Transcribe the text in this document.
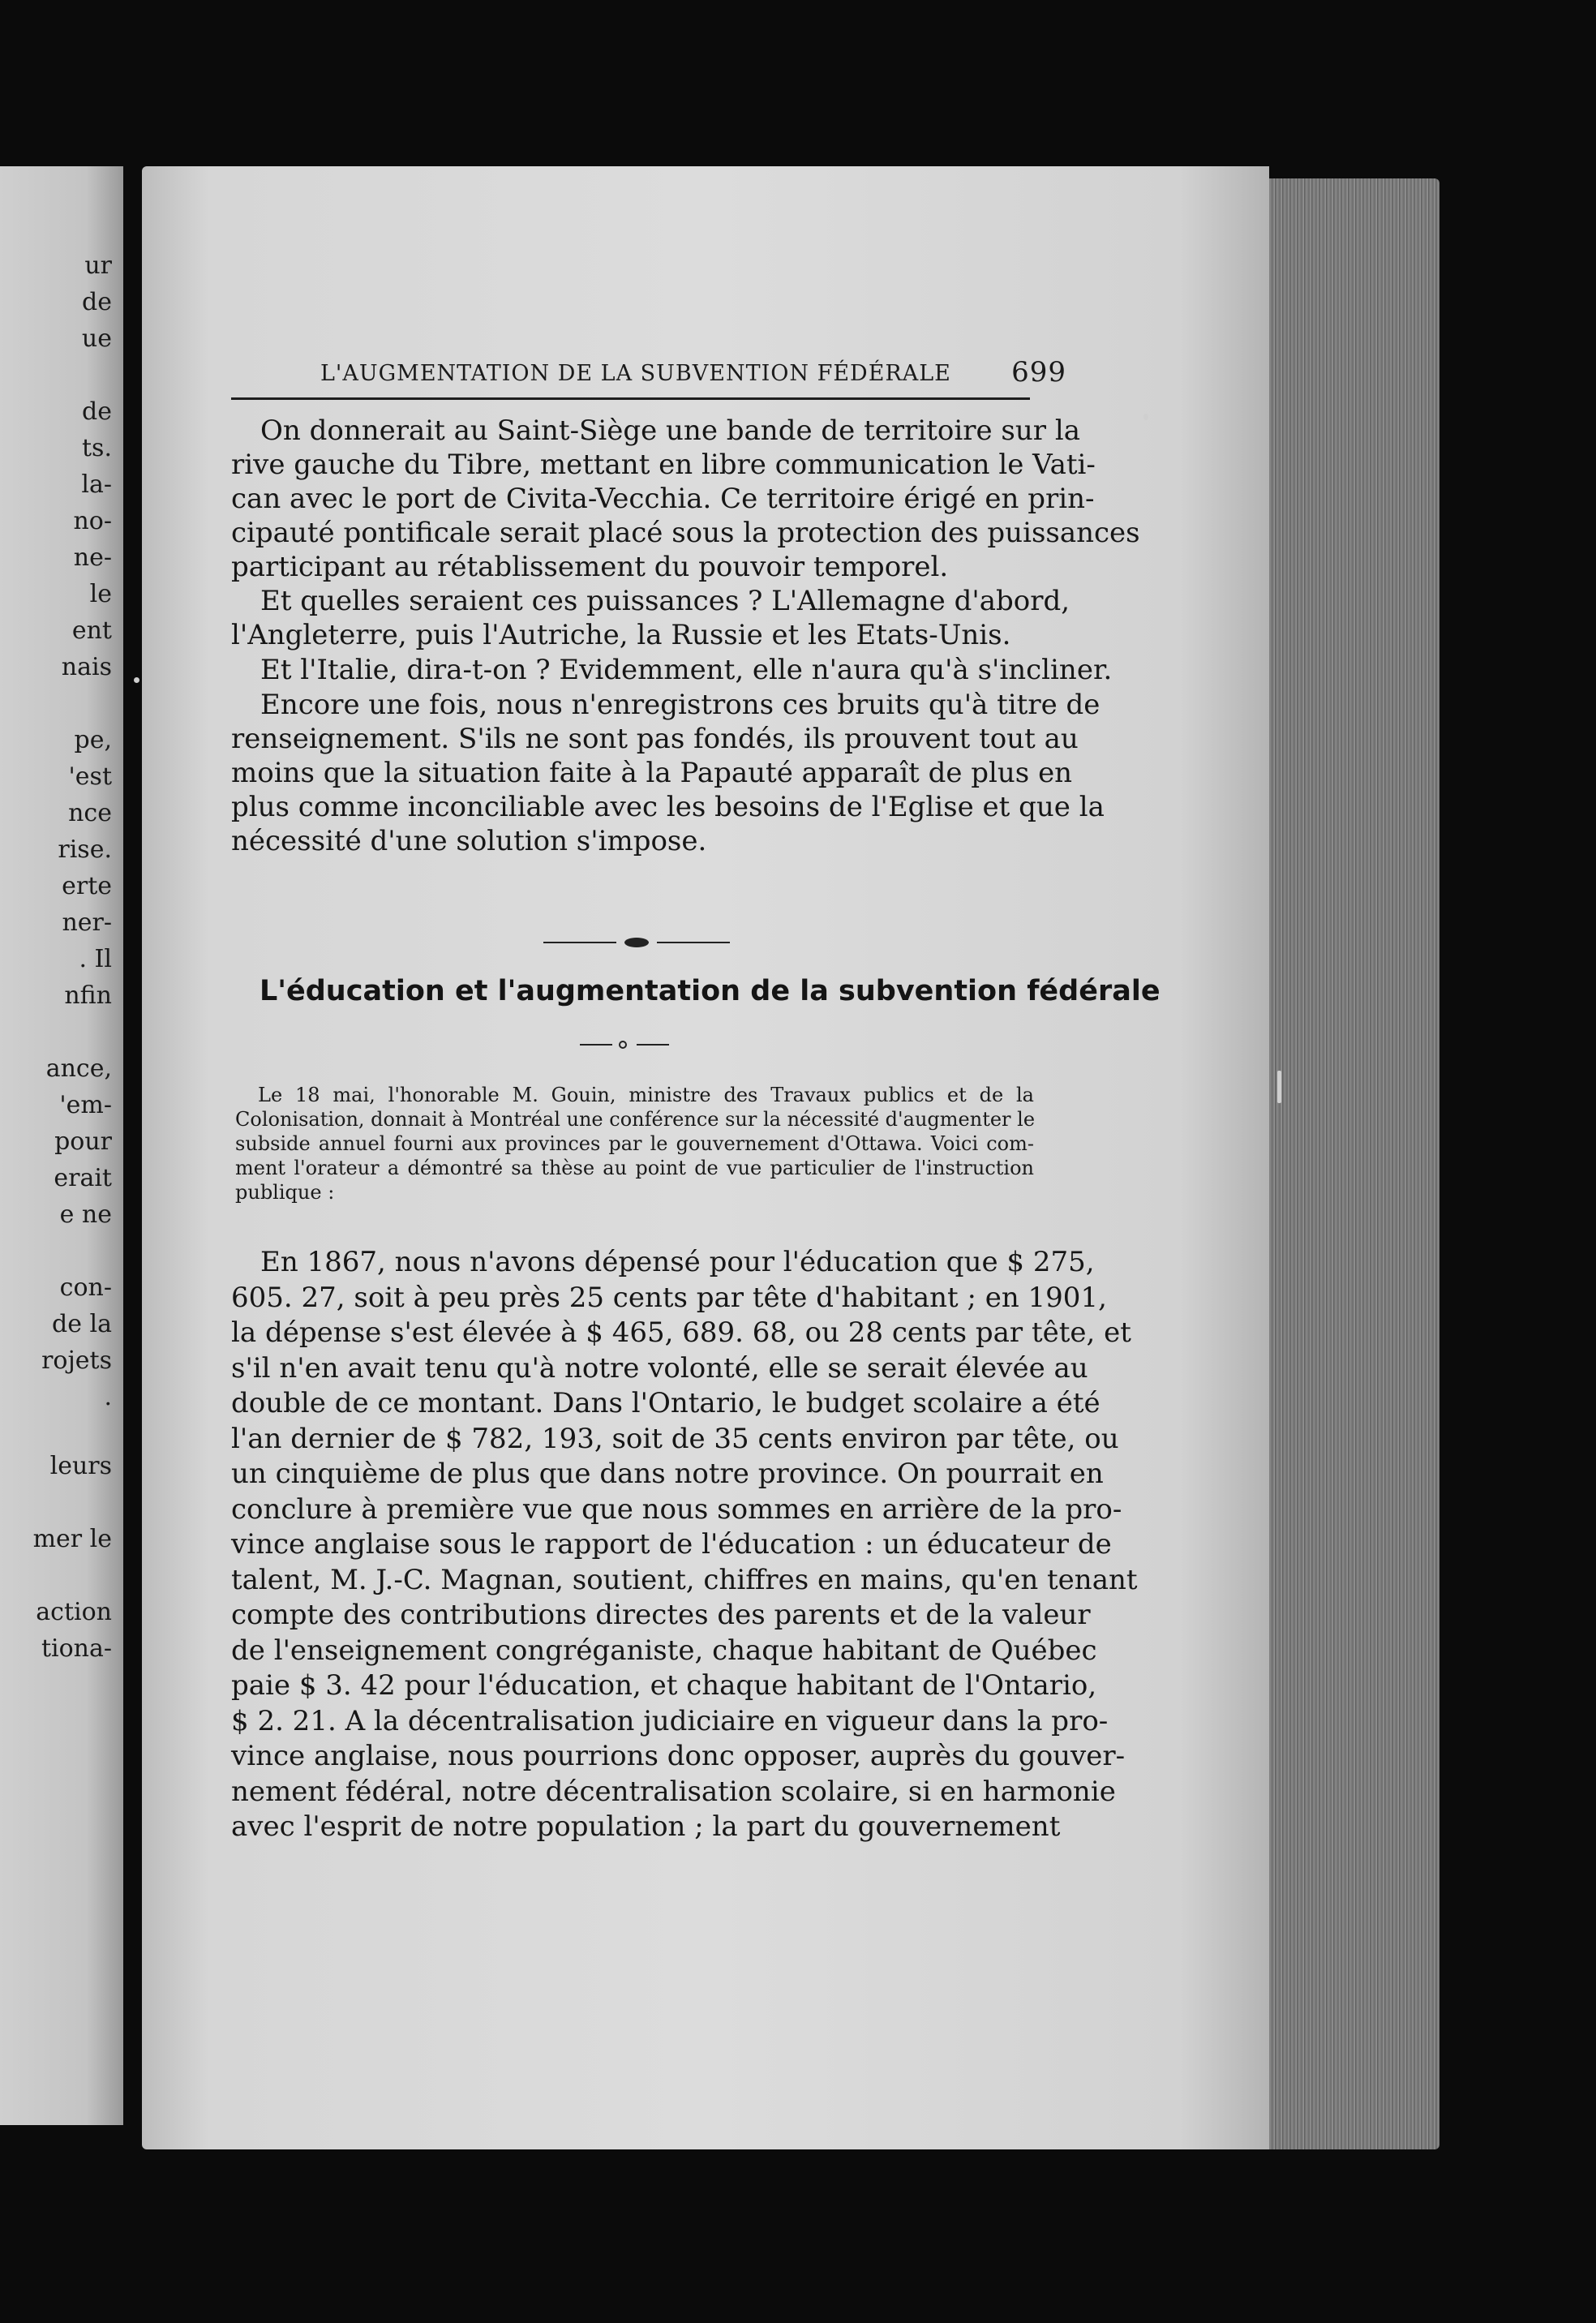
ur
de
ue
de
ts.
la-
no-
ne-
le
ent
nais
pe,
'est
nce
rise.
erte
ner-
. Il
nfin
ance,
'em-
pour
erait
e ne
con-
de la
rojets
.
leurs
mer le
action
tiona-
L'AUGMENTATION DE LA SUBVENTION FÉDÉRALE 699

On donnerait au Saint-Siège une bande de territoire sur la
rive gauche du Tibre, mettant en libre communication le Vati-
can avec le port de Civita-Vecchia. Ce territoire érigé en prin-
cipauté pontificale serait placé sous la protection des puissances
participant au rétablissement du pouvoir temporel.

Et quelles seraient ces puissances ? L'Allemagne d'abord,
l'Angleterre, puis l'Autriche, la Russie et les Etats-Unis.

Et l'Italie, dira-t-on ? Evidemment, elle n'aura qu'à s'incliner.

Encore une fois, nous n'enregistrons ces bruits qu'à titre de
renseignement. S'ils ne sont pas fondés, ils prouvent tout au
moins que la situation faite à la Papauté apparaît de plus en
plus comme inconciliable avec les besoins de l'Eglise et que la
nécessité d'une solution s'impose.

L'éducation et l'augmentation de la subvention fédérale

Le 18 mai, l'honorable M. Gouin, ministre des Travaux publics et de la
Colonisation, donnait à Montréal une conférence sur la nécessité d'augmenter le
subside annuel fourni aux provinces par le gouvernement d'Ottawa. Voici com-
ment l'orateur a démontré sa thèse au point de vue particulier de l'instruction
publique :

En 1867, nous n'avons dépensé pour l'éducation que $ 275,
605. 27, soit à peu près 25 cents par tête d'habitant ; en 1901,
la dépense s'est élevée à $ 465, 689. 68, ou 28 cents par tête, et
s'il n'en avait tenu qu'à notre volonté, elle se serait élevée au
double de ce montant. Dans l'Ontario, le budget scolaire a été
l'an dernier de $ 782, 193, soit de 35 cents environ par tête, ou
un cinquième de plus que dans notre province. On pourrait en
conclure à première vue que nous sommes en arrière de la pro-
vince anglaise sous le rapport de l'éducation : un éducateur de
talent, M. J.-C. Magnan, soutient, chiffres en mains, qu'en tenant
compte des contributions directes des parents et de la valeur
de l'enseignement congréganiste, chaque habitant de Québec
paie $ 3. 42 pour l'éducation, et chaque habitant de l'Ontario,
$ 2. 21. A la décentralisation judiciaire en vigueur dans la pro-
vince anglaise, nous pourrions donc opposer, auprès du gouver-
nement fédéral, notre décentralisation scolaire, si en harmonie
avec l'esprit de notre population ; la part du gouvernement
